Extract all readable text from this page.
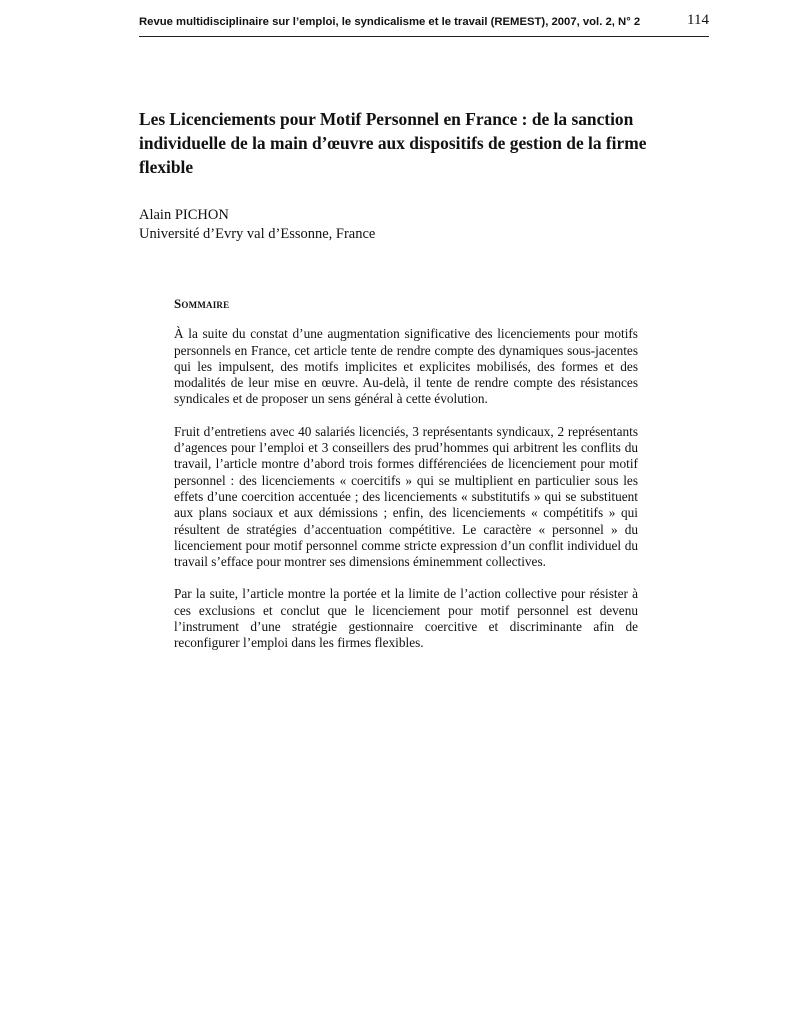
Revue multidisciplinaire sur l’emploi, le syndicalisme et le travail (REMEST), 2007, vol. 2, N° 2	114
Les Licenciements pour Motif Personnel en France : de la sanction individuelle de la main d’œuvre aux dispositifs de gestion de la firme flexible
Alain PICHON
Université d’Evry val d’Essonne, France

Sommaire

À la suite du constat d’une augmentation significative des licenciements pour motifs personnels en France, cet article tente de rendre compte des dynamiques sous-jacentes qui les impulsent, des motifs implicites et explicites mobilisés, des formes et des modalités de leur mise en œuvre. Au-delà, il tente de rendre compte des résistances syndicales et de proposer un sens général à cette évolution.

Fruit d’entretiens avec 40 salariés licenciés, 3 représentants syndicaux, 2 représentants d’agences pour l’emploi et 3 conseillers des prud’hommes qui arbitrent les conflits du travail, l’article montre d’abord trois formes différenciées de licenciement pour motif personnel : des licenciements « coercitifs » qui se multiplient en particulier sous les effets d’une coercition accentuée ; des licenciements « substitutifs » qui se substituent aux plans sociaux et aux démissions ; enfin, des licenciements « compétitifs » qui résultent de stratégies d’accentuation compétitive. Le caractère « personnel » du licenciement pour motif personnel comme stricte expression d’un conflit individuel du travail s’efface pour montrer ses dimensions éminemment collectives.

Par la suite, l’article montre la portée et la limite de l’action collective pour résister à ces exclusions et conclut que le licenciement pour motif personnel est devenu l’instrument d’une stratégie gestionnaire coercitive et discriminante afin de reconfigurer l’emploi dans les firmes flexibles.
